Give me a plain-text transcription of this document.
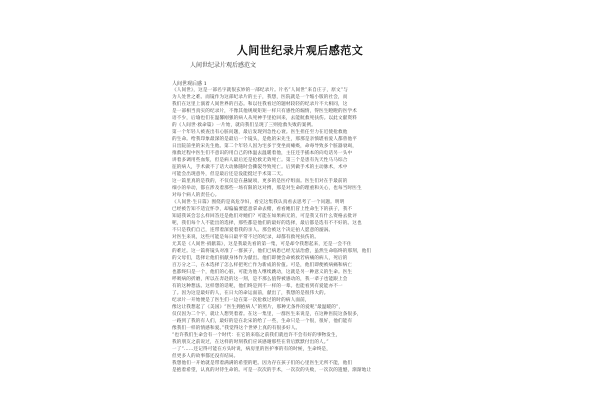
人间世纪录片观后感范文
人间世纪录片观后感范文
人间世观后感 1
《人间世》，这是一部名字就很玄妙的一部纪录片。片名“人间世”来自庄子，原文“与
为人处世之难。而镜作为这部纪录片的主子，我想，医院就是一个缩小版的社会，而
我们在这里上演着人间世界的百态。和以往我看过的题材较轻的纪录片不大相同，这
是一部相当真实的纪录片，不像其他规规矩矩一样只有感性的煽情，得医生瞪瞪的医学术
语不少，后瑜也们在温馨刚强的病人从死神手里抢回来，去能航救死扶伤。以此文献资料
的《人间世·救命篇》一片始，就向我们呈现了三则抢救失败的案例。
第一个年轻人被查出有心脏问题，最后发现到急性心衰。医生担任至力在近使抢救他
的生命。给我印象最深的是最后一个镜头，是他的宋先生，那那是亲愤堪看爱人都曾他平
日出院前坐的宋先生他。第二个年轻人因为宅多于变坐而瘫痪，命毒导致多个脏器衰竭，
推救过程中医生们不意识的用自己的体温去温暖着他，主任还手插本的向电话另一头中
讲着多调用些血浆，但是病人最后还是抢救无效死亡。第三个是患有先天性马马综合
征的病人，手术做不了话大动脉随时会撕裂导致死亡。后到做手术的主动脉术，术中
可能会出现意外，但是最后还是没能挺过手术第二天。
这一篇里真的是我的，不仅仅是在悬疑项，更多的是医疗组面。医生们对在手最前的
细小的举动，都在涉及着那些一场有限的这对搏，那是对生命的理重和关心，也每当时医生
对每个病人的责任心。
《人间世·生日篇》围绕的是高危孕妇，看完这集我认真看去思考了一个问题。明明
已经被告知不适宜怀孕，却偏偏要愿意拿命去赌，看看她们冒上性命生下的孩子，我不
知道我该会怎么样回答还是他们对她们？可能在如果病无的，可是我又有什么资格去批评
呢，我们每个人不能出的选择，那些都是他们的最好的选择，最后都是选有不不好的。这也
不只是我们自己，连带着深爱着我的亲人。那会被这个决定拍人愿意的漩涡。
对医生来说，这些可能是每日最平常不过的纪录，却都有救死扶伤的。
尤其是《人间世·捐献篇》，这是我最先看的第一集，可是却令我想起来，还是一会不住
的难过。这一篇将镜头对准了一群孩子，他们已病患已经无法治愈，虽然生命临终的那刻，他们
的父母们，选择让他们捐献身体作为献出。他们即便会命被救若病痛的病人，死后的
百万分之二，在本选择了怎么样把死亡作为新成的价值。可是，他们即便被病痛和病亡
也都终归是一个，他们的心脏，可能为他人继续跳动，这就是另一种意义的生命。医生
呼吸病的折磨，所以在奔赴的这一刻，是不那么值得被感动的，我一辈子也能跟上会
有的这种想法。这样想的话呢，他们终是到不一样的一辈。也能看到有爱能亦不一
了。因为这是最好的人，在日大的命运面前，献出了，我想的是很伟大的。
纪录片一开始便是了医生们一边在第一次抢救过的时的病人面前，
像这让我想起了《美国》“医生拥抱病人”的照片，那种无条件的爱呢“最温暖的”，
仅仅因为二个字，就让人想哭着着。在这一集里，一群医生来说是，在这种医院这条很多，
一路到了我的有人们，最好的是在北宋的给了一些，生命只是一个很，很好，他们能有
像我们一样的情感和爱。”我觉得这个世界上真的有很多好人。
“也许我们生命会有一个时代：在它的来临之前我们就也许不会有好的事物发生，
我的朋友之前说过，在这样的时刻我们应该感谢那些在背后默默付出的人。”
一了“……还记得可能在方头时说，病房里的医护事的有的时候，生命终是，
但更多人的故事都还没有结局。
我想他们一开始就是带着满满的希望的吧。因为存在孩子们的心里医生无所不能，他们
是抱着希望，认真的对待生命的。可是一次次的手术，一次次的失败，一次次的遗憾，渐渐地让
